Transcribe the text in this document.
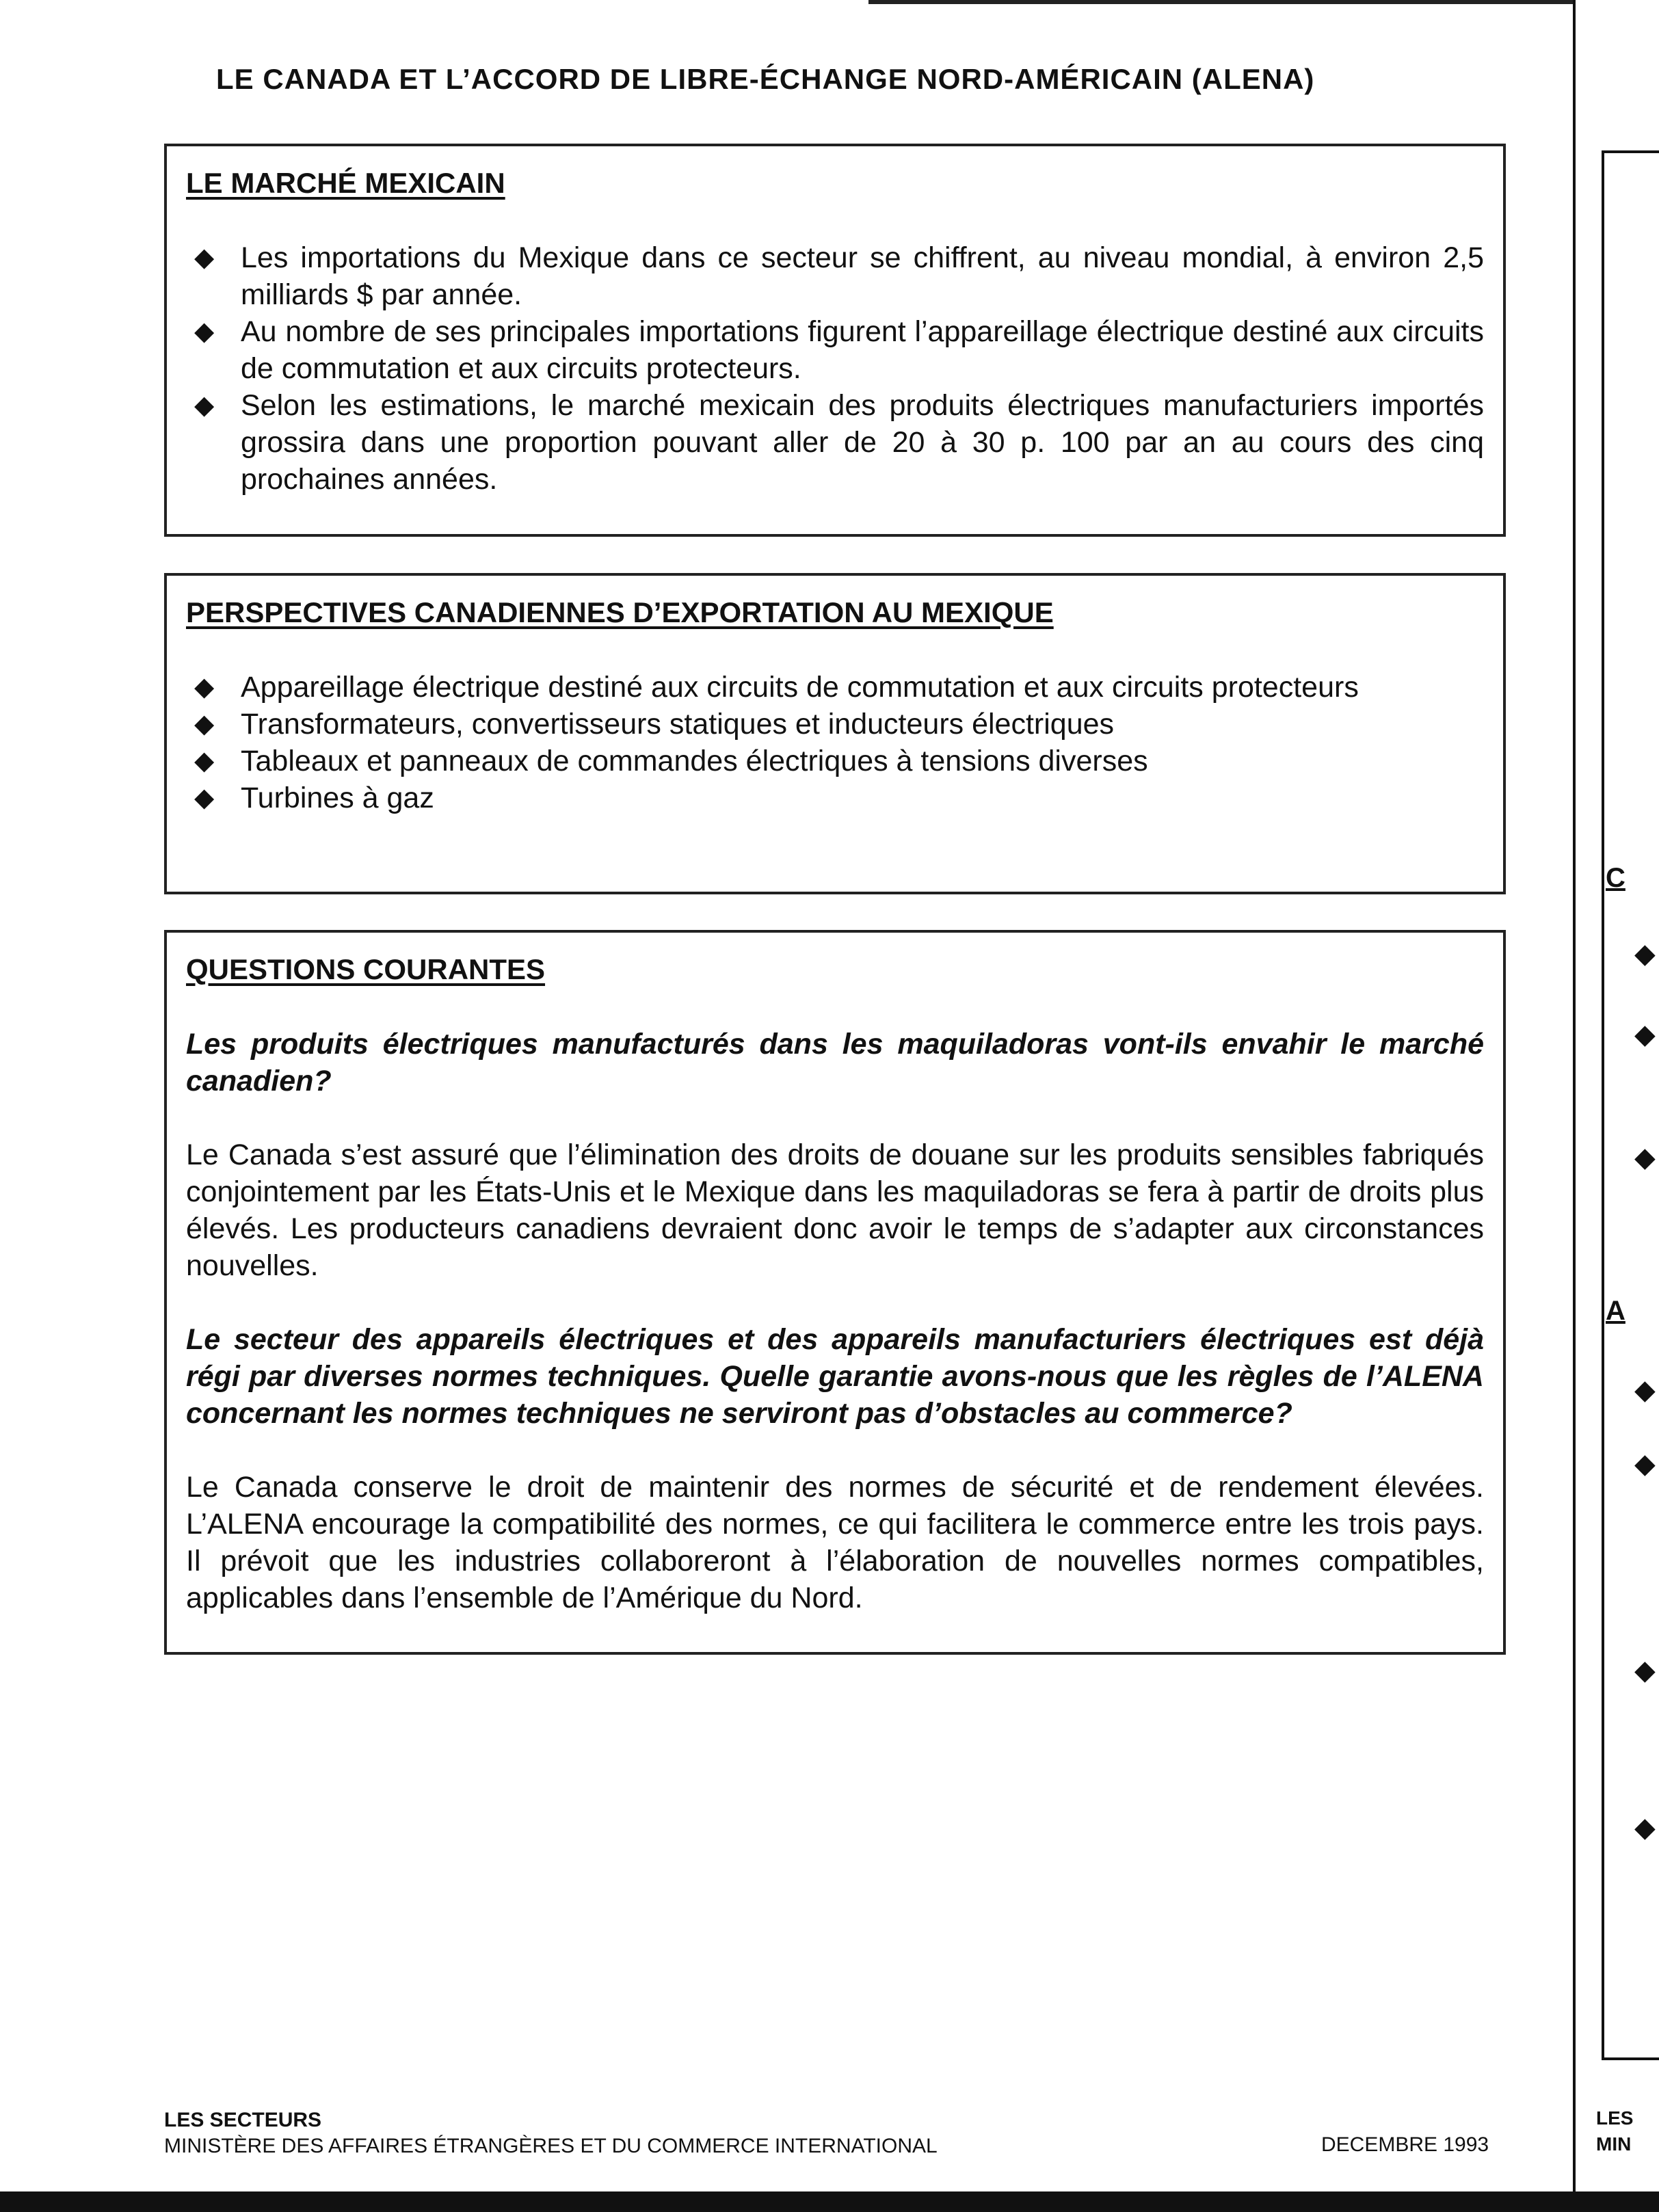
LE CANADA ET L’ACCORD DE LIBRE-ÉCHANGE NORD-AMÉRICAIN (ALENA)
LE MARCHÉ MEXICAIN
◆ Les importations du Mexique dans ce secteur se chiffrent, au niveau mondial, à environ 2,5 milliards $ par année.
◆ Au nombre de ses principales importations figurent l’appareillage électrique destiné aux circuits de commutation et aux circuits protecteurs.
◆ Selon les estimations, le marché mexicain des produits électriques manufacturiers importés grossira dans une proportion pouvant aller de 20 à 30 p. 100 par an au cours des cinq prochaines années.
PERSPECTIVES CANADIENNES D’EXPORTATION AU MEXIQUE
◆ Appareillage électrique destiné aux circuits de commutation et aux circuits protecteurs
◆ Transformateurs, convertisseurs statiques et inducteurs électriques
◆ Tableaux et panneaux de commandes électriques à tensions diverses
◆ Turbines à gaz
QUESTIONS COURANTES

Les produits électriques manufacturés dans les maquiladoras vont-ils envahir le marché canadien?

Le Canada s’est assuré que l’élimination des droits de douane sur les produits sensibles fabriqués conjointement par les États-Unis et le Mexique dans les maquiladoras se fera à partir de droits plus élevés. Les producteurs canadiens devraient donc avoir le temps de s’adapter aux circonstances nouvelles.

Le secteur des appareils électriques et des appareils manufacturiers électriques est déjà régi par diverses normes techniques. Quelle garantie avons-nous que les règles de l’ALENA concernant les normes techniques ne serviront pas d’obstacles au commerce?

Le Canada conserve le droit de maintenir des normes de sécurité et de rendement élevées. L’ALENA encourage la compatibilité des normes, ce qui facilitera le commerce entre les trois pays. Il prévoit que les industries collaboreront à l’élaboration de nouvelles normes compatibles, applicables dans l’ensemble de l’Amérique du Nord.

LES SECTEURS
MINISTÈRE DES AFFAIRES ÉTRANGÈRES ET DU COMMERCE INTERNATIONAL	DECEMBRE 1993
C
◆
◆
◆
A
◆
◆
◆
◆
LES
MIN
